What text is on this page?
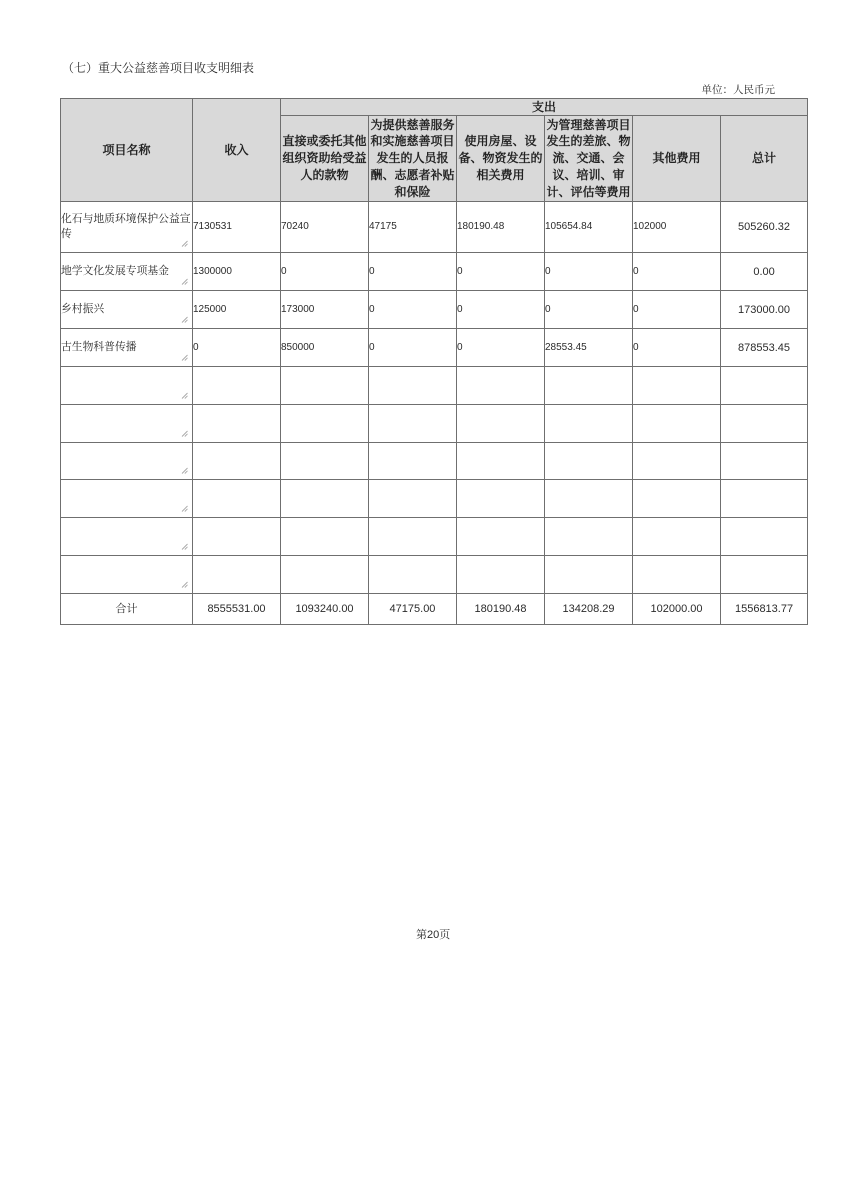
（七）重大公益慈善项目收支明细表
单位：人民币元
项目名称	收入	支出					
		直接或委托其他组织资助给受益人的款物	为提供慈善服务和实施慈善项目发生的人员报酬、志愿者补贴和保险	使用房屋、设备、物资发生的相关费用	为管理慈善项目发生的差旅、物流、交通、会议、培训、审计、评估等费用	其他费用	总计
化石与地质环境保护公益宣传	7130531	70240	47175	180190.48	105654.84	102000	505260.32
地学文化发展专项基金	1300000	0	0	0	0	0	0.00
乡村振兴	125000	173000	0	0	0	0	173000.00
古生物科普传播	0	850000	0	0	28553.45	0	878553.45

合计	8555531.00	1093240.00	47175.00	180190.48	134208.29	102000.00	1556813.77
第20页
